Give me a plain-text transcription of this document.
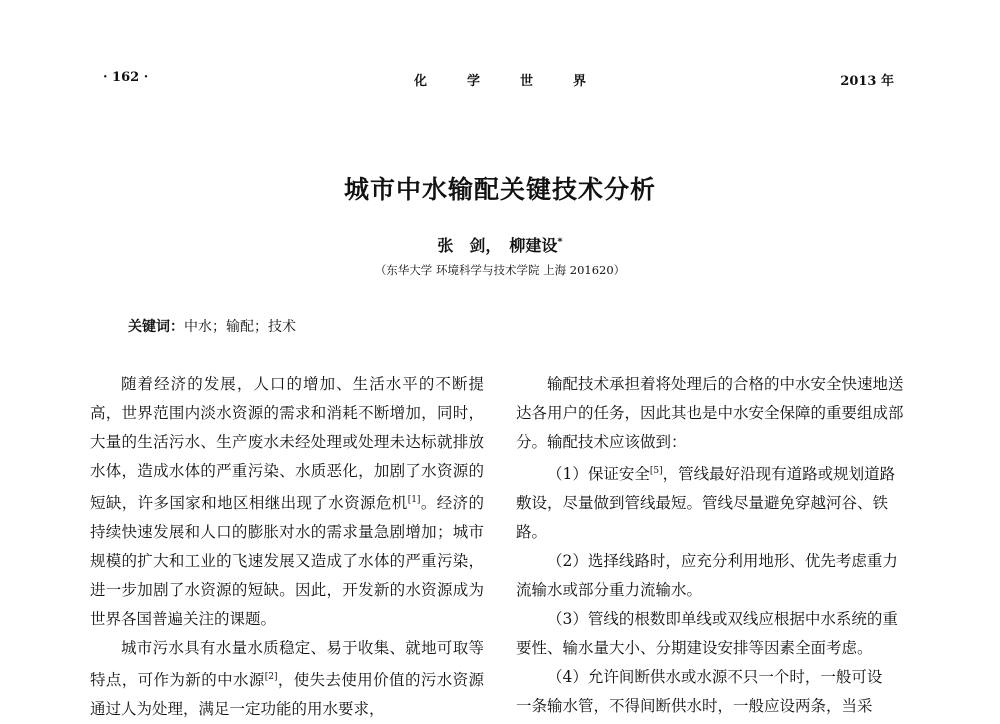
· 162 ·	化	学	世	界	2013 年
城市中水输配关键技术分析
张　剑，　柳建设*
（东华大学 环境科学与技术学院 上海 201620）
关键词：中水；输配；技术

随着经济的发展，人口的增加、生活水平的不断提高，世界范围内淡水资源的需求和消耗不断增加，同时，大量的生活污水、生产废水未经处理或处理未达标就排放水体，造成水体的严重污染、水质恶化，加剧了水资源的短缺，许多国家和地区相继出现了水资源危机[1]。经济的持续快速发展和人口的膨胀对水的需求量急剧增加；城市规模的扩大和工业的飞速发展又造成了水体的严重污染，进一步加剧了水资源的短缺。因此，开发新的水资源成为世界各国普遍关注的课题。

城市污水具有水量水质稳定、易于收集、就地可取等特点，可作为新的中水源[2]，使失去使用价值的污水资源通过人为处理，满足一定功能的用水要求，

输配技术承担着将处理后的合格的中水安全快速地送达各用户的任务，因此其也是中水安全保障的重要组成部分。输配技术应该做到：

（1）保证安全[5]，管线最好沿现有道路或规划道路敷设，尽量做到管线最短。管线尽量避免穿越河谷、铁路。

（2）选择线路时，应充分利用地形、优先考虑重力流输水或部分重力流输水。

（3）管线的根数即单线或双线应根据中水系统的重要性、输水量大小、分期建设安排等因素全面考虑。

（4）允许间断供水或水源不只一个时，一般可设

一条输水管，不得间断供水时，一般应设两条，当采
